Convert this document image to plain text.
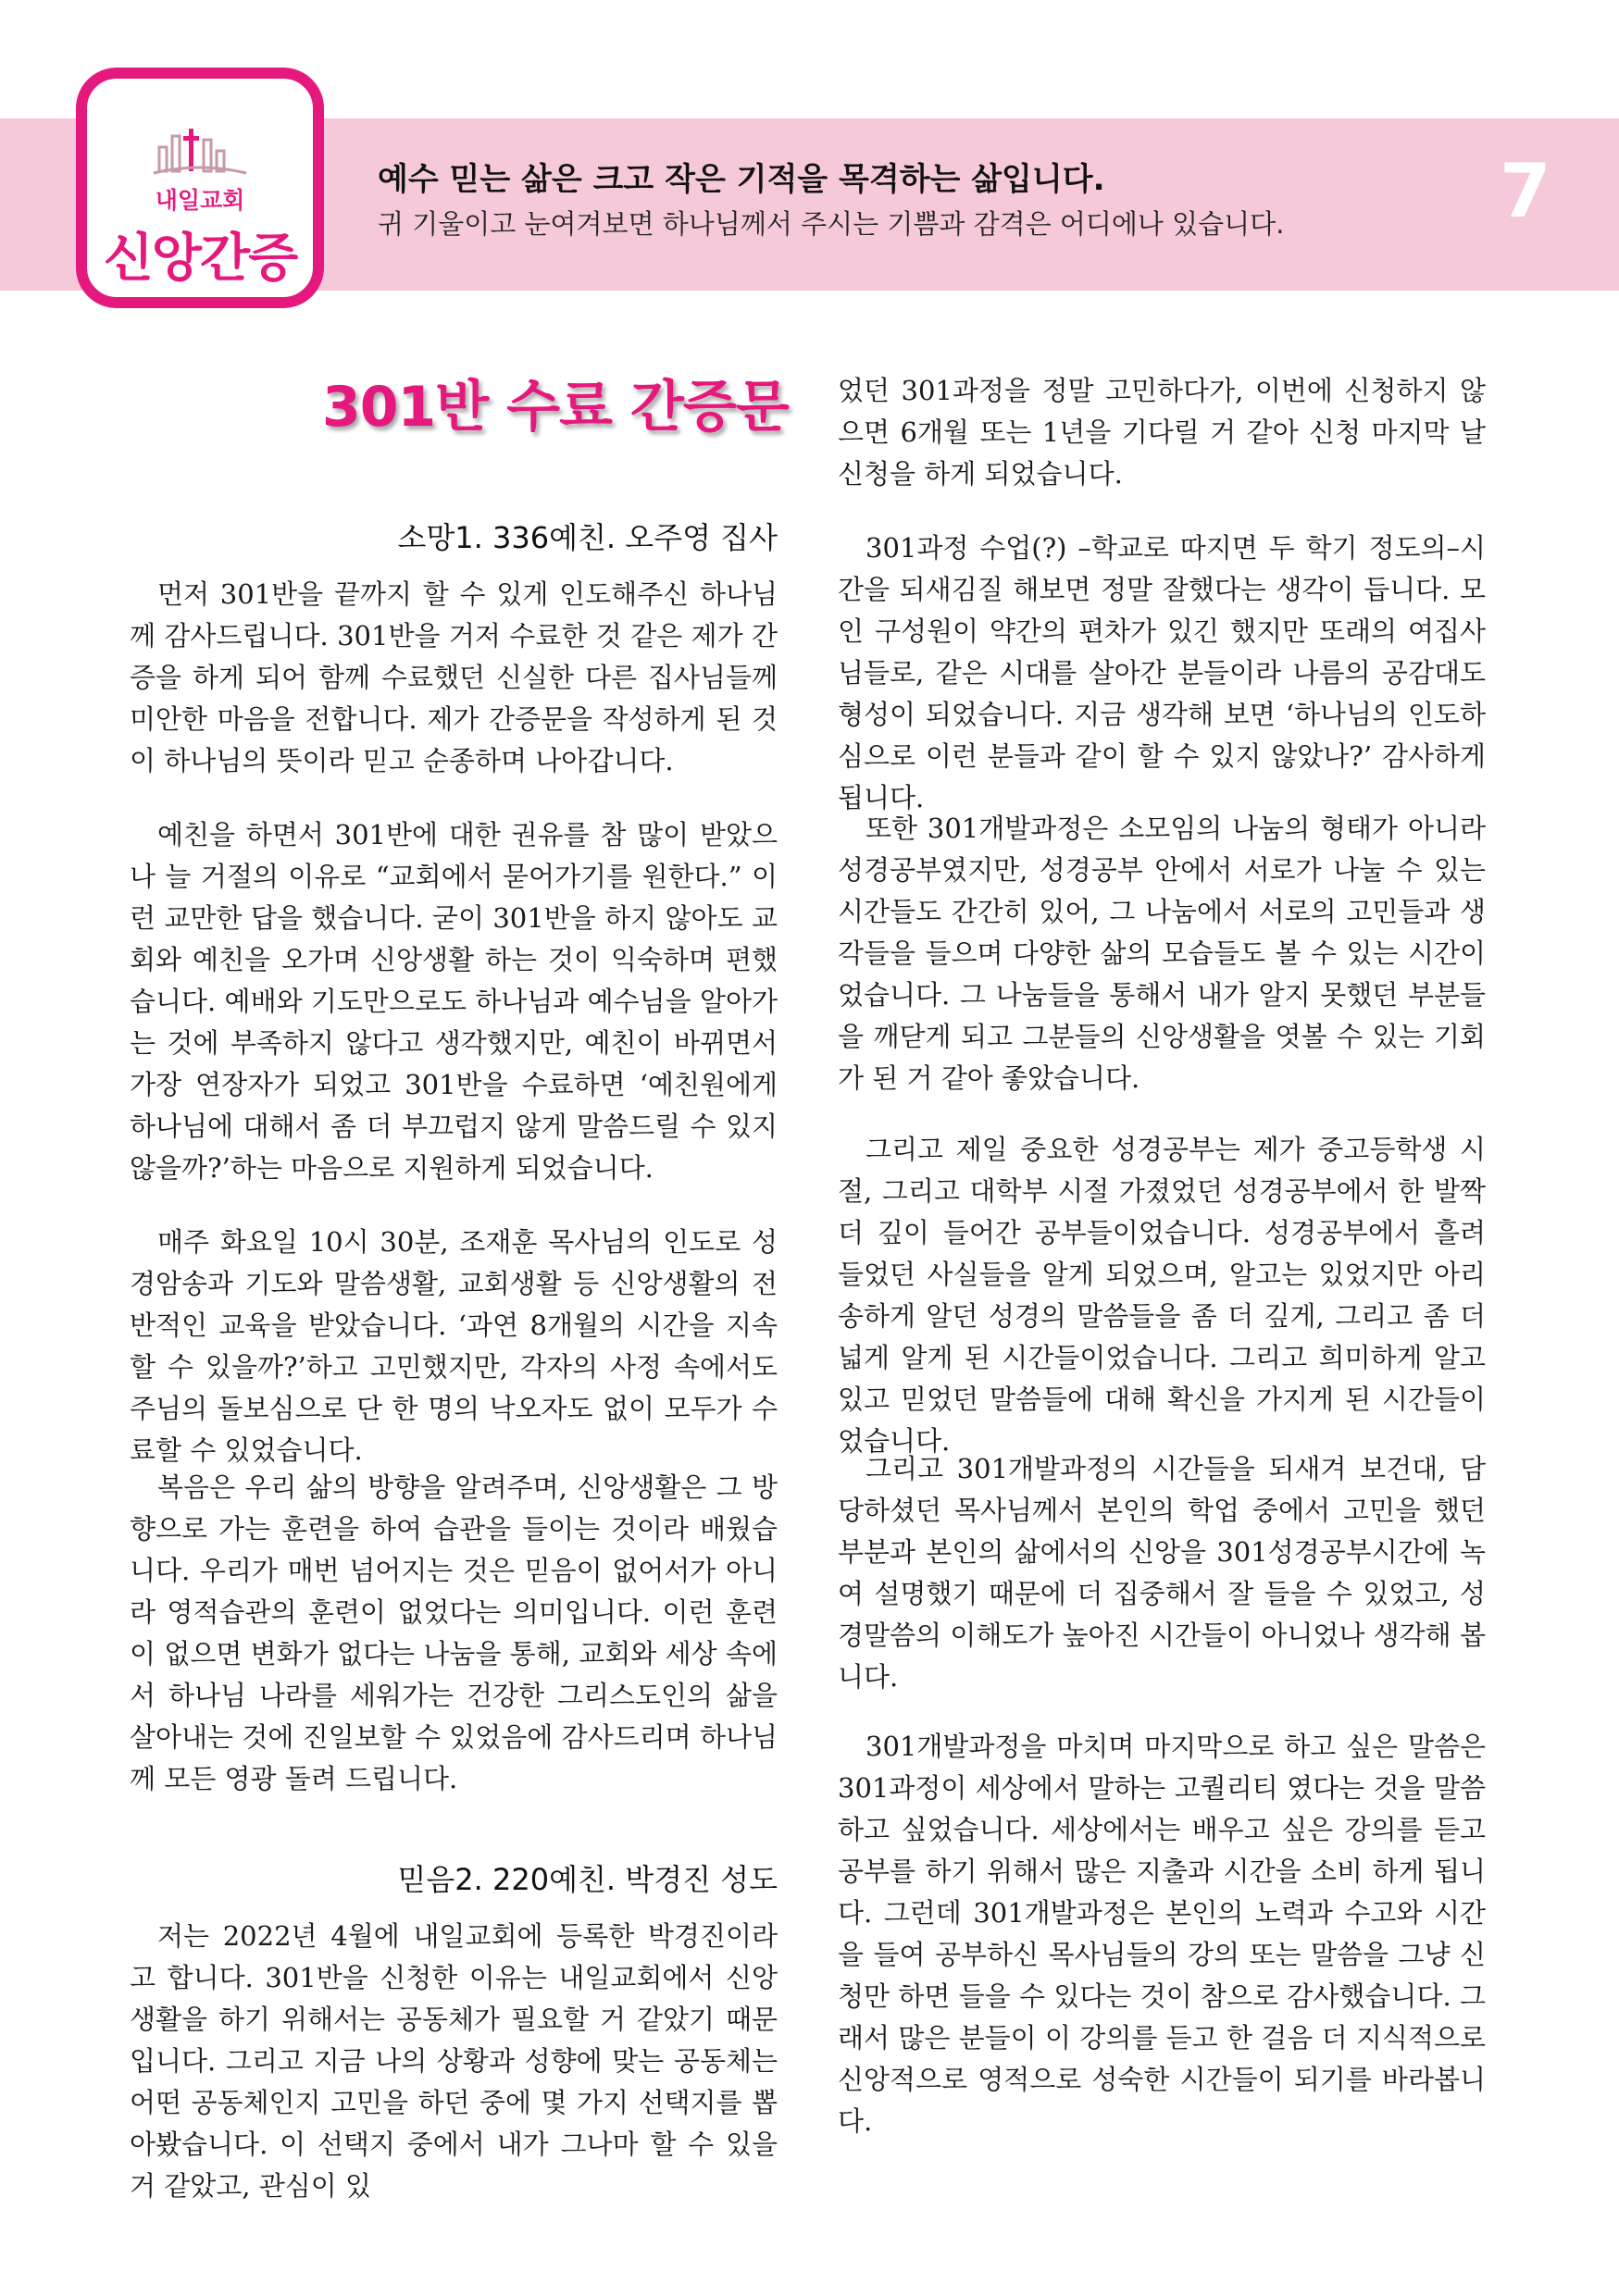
내일교회
신앙간증
예수 믿는 삶은 크고 작은 기적을 목격하는 삶입니다.
귀 기울이고 눈여겨보면 하나님께서 주시는 기쁨과 감격은 어디에나 있습니다.	7
301반 수료 간증문
소망1. 336예친. 오주영 집사

먼저 301반을 끝까지 할 수 있게 인도해주신 하나님께 감사드립니다. 301반을 거저 수료한 것 같은 제가 간증을 하게 되어 함께 수료했던 신실한 다른 집사님들께 미안한 마음을 전합니다. 제가 간증문을 작성하게 된 것이 하나님의 뜻이라 믿고 순종하며 나아갑니다.

예친을 하면서 301반에 대한 권유를 참 많이 받았으나 늘 거절의 이유로 “교회에서 묻어가기를 원한다.” 이런 교만한 답을 했습니다. 굳이 301반을 하지 않아도 교회와 예친을 오가며 신앙생활 하는 것이 익숙하며 편했습니다. 예배와 기도만으로도 하나님과 예수님을 알아가는 것에 부족하지 않다고 생각했지만, 예친이 바뀌면서 가장 연장자가 되었고 301반을 수료하면 ‘예친원에게 하나님에 대해서 좀 더 부끄럽지 않게 말씀드릴 수 있지 않을까?’하는 마음으로 지원하게 되었습니다.

매주 화요일 10시 30분, 조재훈 목사님의 인도로 성경암송과 기도와 말씀생활, 교회생활 등 신앙생활의 전반적인 교육을 받았습니다. ‘과연 8개월의 시간을 지속할 수 있을까?’하고 고민했지만, 각자의 사정 속에서도 주님의 돌보심으로 단 한 명의 낙오자도 없이 모두가 수료할 수 있었습니다.

복음은 우리 삶의 방향을 알려주며, 신앙생활은 그 방향으로 가는 훈련을 하여 습관을 들이는 것이라 배웠습니다. 우리가 매번 넘어지는 것은 믿음이 없어서가 아니라 영적습관의 훈련이 없었다는 의미입니다. 이런 훈련이 없으면 변화가 없다는 나눔을 통해, 교회와 세상 속에서 하나님 나라를 세워가는 건강한 그리스도인의 삶을 살아내는 것에 진일보할 수 있었음에 감사드리며 하나님께 모든 영광 돌려 드립니다.

믿음2. 220예친. 박경진 성도

저는 2022년 4월에 내일교회에 등록한 박경진이라고 합니다. 301반을 신청한 이유는 내일교회에서 신앙생활을 하기 위해서는 공동체가 필요할 거 같았기 때문입니다. 그리고 지금 나의 상황과 성향에 맞는 공동체는 어떤 공동체인지 고민을 하던 중에 몇 가지 선택지를 뽑아봤습니다. 이 선택지 중에서 내가 그나마 할 수 있을 거 같았고, 관심이 있

었던 301과정을 정말 고민하다가, 이번에 신청하지 않으면 6개월 또는 1년을 기다릴 거 같아 신청 마지막 날 신청을 하게 되었습니다.

301과정 수업(?) –학교로 따지면 두 학기 정도의–시간을 되새김질 해보면 정말 잘했다는 생각이 듭니다. 모인 구성원이 약간의 편차가 있긴 했지만 또래의 여집사님들로, 같은 시대를 살아간 분들이라 나름의 공감대도 형성이 되었습니다. 지금 생각해 보면 ‘하나님의 인도하심으로 이런 분들과 같이 할 수 있지 않았나?’ 감사하게 됩니다.

또한 301개발과정은 소모임의 나눔의 형태가 아니라 성경공부였지만, 성경공부 안에서 서로가 나눌 수 있는 시간들도 간간히 있어, 그 나눔에서 서로의 고민들과 생각들을 들으며 다양한 삶의 모습들도 볼 수 있는 시간이었습니다. 그 나눔들을 통해서 내가 알지 못했던 부분들을 깨닫게 되고 그분들의 신앙생활을 엿볼 수 있는 기회가 된 거 같아 좋았습니다.

그리고 제일 중요한 성경공부는 제가 중고등학생 시절, 그리고 대학부 시절 가졌었던 성경공부에서 한 발짝 더 깊이 들어간 공부들이었습니다. 성경공부에서 흘려 들었던 사실들을 알게 되었으며, 알고는 있었지만 아리송하게 알던 성경의 말씀들을 좀 더 깊게, 그리고 좀 더 넓게 알게 된 시간들이었습니다. 그리고 희미하게 알고 있고 믿었던 말씀들에 대해 확신을 가지게 된 시간들이었습니다.

그리고 301개발과정의 시간들을 되새겨 보건대, 담당하셨던 목사님께서 본인의 학업 중에서 고민을 했던 부분과 본인의 삶에서의 신앙을 301성경공부시간에 녹여 설명했기 때문에 더 집중해서 잘 들을 수 있었고, 성경말씀의 이해도가 높아진 시간들이 아니었나 생각해 봅니다.

301개발과정을 마치며 마지막으로 하고 싶은 말씀은 301과정이 세상에서 말하는 고퀄리티 였다는 것을 말씀하고 싶었습니다. 세상에서는 배우고 싶은 강의를 듣고 공부를 하기 위해서 많은 지출과 시간을 소비 하게 됩니다. 그런데 301개발과정은 본인의 노력과 수고와 시간을 들여 공부하신 목사님들의 강의 또는 말씀을 그냥 신청만 하면 들을 수 있다는 것이 참으로 감사했습니다. 그래서 많은 분들이 이 강의를 듣고 한 걸음 더 지식적으로 신앙적으로 영적으로 성숙한 시간들이 되기를 바라봅니다.
